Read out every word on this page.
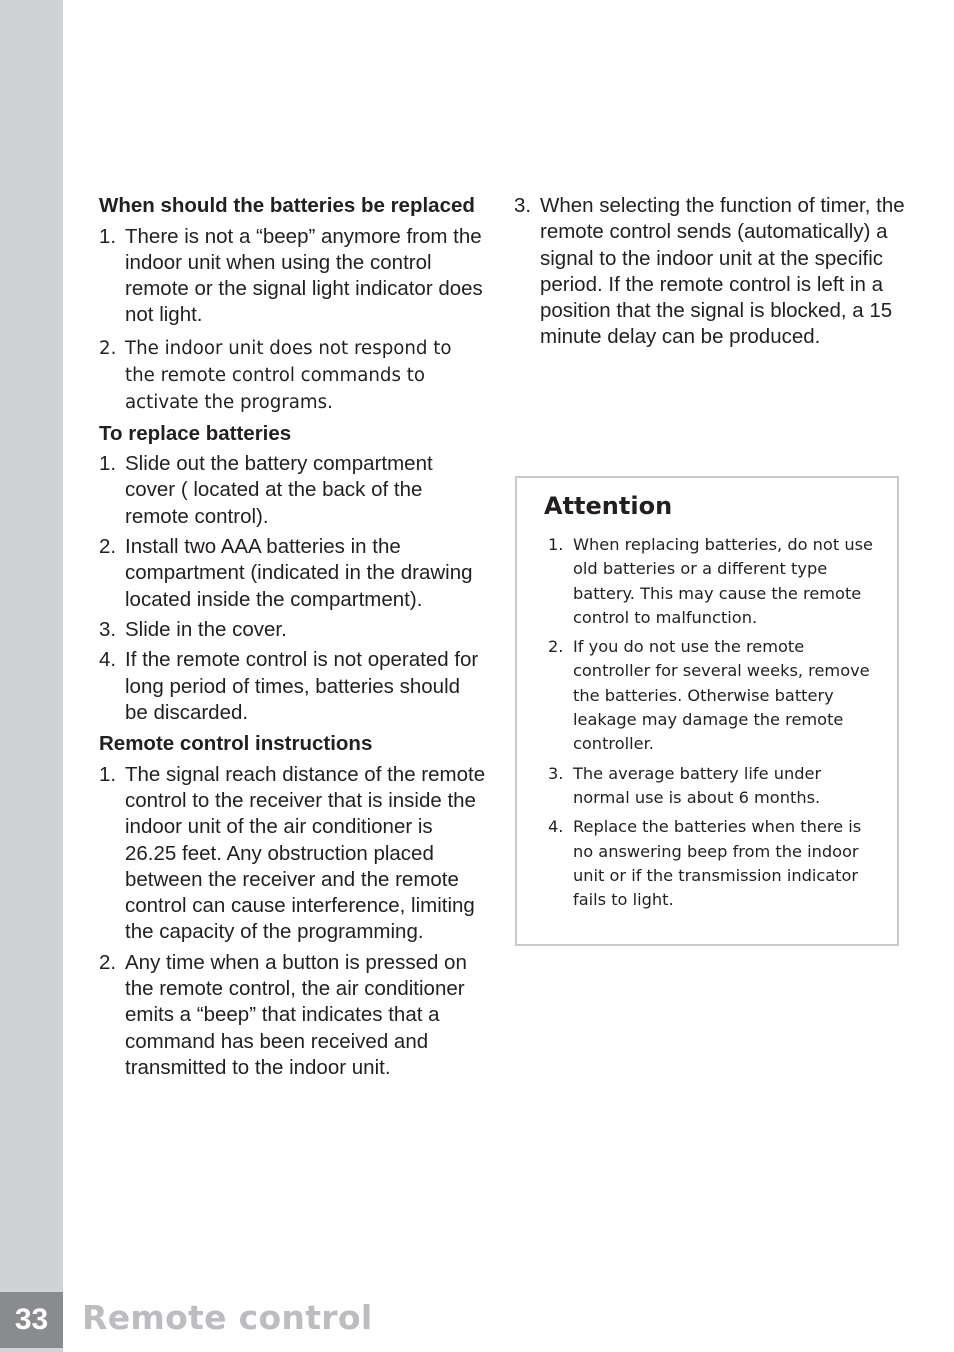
When should the batteries be replaced
1. There is not a “beep” anymore from the indoor unit when using the control remote or the signal light indicator does not light.
2. The indoor unit does not respond to the remote control commands to activate the programs.
To replace batteries
1. Slide out the battery compartment cover ( located at the back of the remote control).
2. Install two AAA batteries in the compartment (indicated in the drawing located inside the compartment).
3. Slide in the cover.
4. If the remote control is not operated for long period of times, batteries should be discarded.
Remote control instructions
1. The signal reach distance of the remote control to the receiver that is inside the indoor unit of the air conditioner is 26.25 feet. Any obstruction placed between the receiver and the remote control can cause interference, limiting the capacity of the programming.
2. Any time when a button is pressed on the remote control, the air conditioner emits a “beep” that indicates that a command has been received and transmitted to the indoor unit.
3. When selecting the function of timer, the remote control sends (automatically) a signal to the indoor unit at the specific period. If the remote control is left in a position that the signal is blocked, a 15 minute delay can be produced.
Attention
1. When replacing batteries, do not use old batteries or a different type battery. This may cause the remote control to malfunction.
2. If you do not use the remote controller for several weeks, remove the batteries. Otherwise battery leakage may damage the remote controller.
3. The average battery life under normal use is about 6 months.
4. Replace the batteries when there is no answering beep from the indoor unit or if the transmission indicator fails to light.
33	Remote control
